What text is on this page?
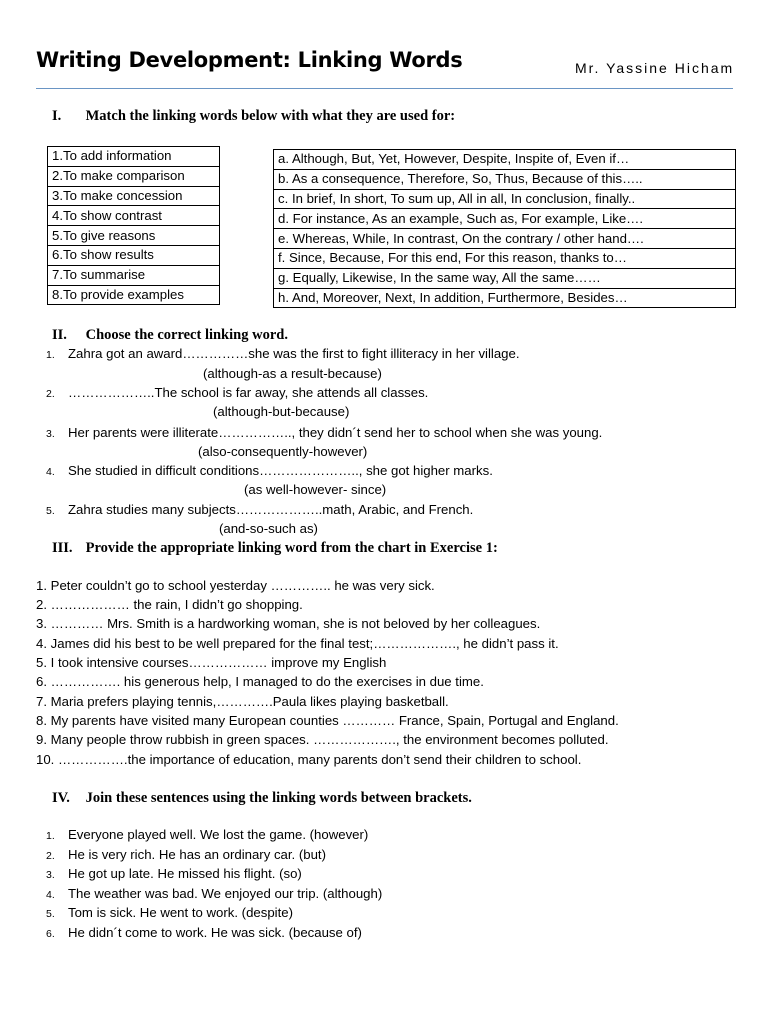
Writing Development: Linking Words	Mr. Yassine Hicham
I. Match the linking words below with what they are used for:
1.To add information
2.To make comparison
3.To make concession
4.To show contrast
5.To give reasons
6.To show results
7.To summarise
8.To provide examples
a. Although, But, Yet, However, Despite, Inspite of, Even if…
b. As a consequence, Therefore, So, Thus, Because of this…..
c. In brief, In short, To sum up, All in all, In conclusion, finally..
d. For instance, As an example, Such as, For example, Like….
e. Whereas, While, In contrast, On the contrary / other hand….
f. Since, Because, For this end, For this reason, thanks to…
g. Equally, Likewise, In the same way, All the same……
h. And, Moreover, Next, In addition, Furthermore, Besides…
II. Choose the correct linking word.
1. Zahra got an award……………she was the first to fight illiteracy in her village.
(although-as a result-because)
2. ………………..The school is far away, she attends all classes.
(although-but-because)
3. Her parents were illiterate…………….., they didn´t send her to school when she was young.
(also-consequently-however)
4. She studied in difficult conditions………………….., she got higher marks.
(as well-however- since)
5. Zahra studies many subjects………………..math, Arabic, and French.
(and-so-such as)
III. Provide the appropriate linking word from the chart in Exercise 1:
1. Peter couldn’t go to school yesterday ………….. he was very sick.
2. ……………… the rain, I didn’t go shopping.
3. ………… Mrs. Smith is a hardworking woman, she is not beloved by her colleagues.
4. James did his best to be well prepared for the final test;………………., he didn’t pass it.
5. I took intensive courses……………… improve my English
6. ……………. his generous help, I managed to do the exercises in due time.
7. Maria prefers playing tennis,………….Paula likes playing basketball.
8. My parents have visited many European counties ………… France, Spain, Portugal and England.
9. Many people throw rubbish in green spaces. ………………., the environment becomes polluted.
10. …………….the importance of education, many parents don’t send their children to school.
IV. Join these sentences using the linking words between brackets.
1. Everyone played well. We lost the game. (however)
2. He is very rich. He has an ordinary car. (but)
3. He got up late. He missed his flight. (so)
4. The weather was bad. We enjoyed our trip. (although)
5. Tom is sick. He went to work. (despite)
6. He didn´t come to work. He was sick. (because of)
